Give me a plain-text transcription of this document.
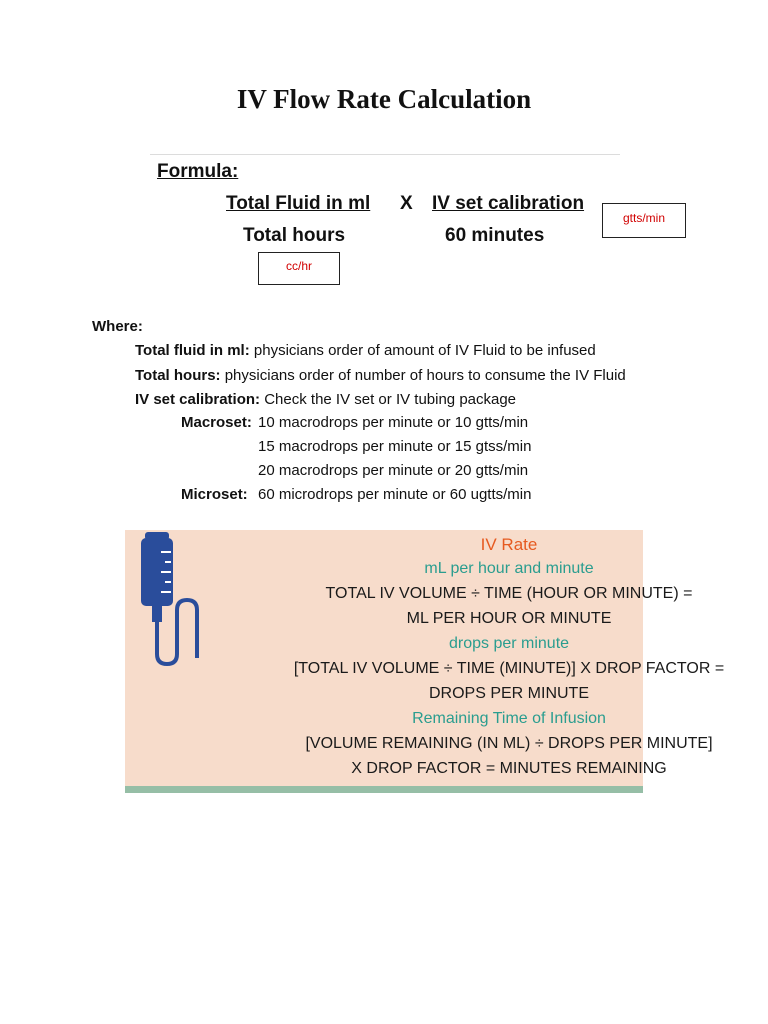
IV Flow Rate Calculation
Formula:
Total Fluid in ml X IV set calibration
Total hours	60 minutes
gtts/min
cc/hr
Where:
Total fluid in ml: physicians order of amount of IV Fluid to be infused
Total hours: physicians order of number of hours to consume the IV Fluid
IV set calibration: Check the IV set or IV tubing package
Macroset: 10 macrodrops per minute or 10 gtts/min
15 macrodrops per minute or 15 gtss/min
20 macrodrops per minute or 20 gtts/min
Microset: 60 microdrops per minute or 60 ugtts/min
IV Rate
mL per hour and minute
TOTAL IV VOLUME ÷ TIME (HOUR OR MINUTE) =
ML PER HOUR OR MINUTE
drops per minute
[TOTAL IV VOLUME ÷ TIME (MINUTE)] X DROP FACTOR =
DROPS PER MINUTE
Remaining Time of Infusion
[VOLUME REMAINING (IN ML) ÷ DROPS PER MINUTE]
X DROP FACTOR = MINUTES REMAINING
